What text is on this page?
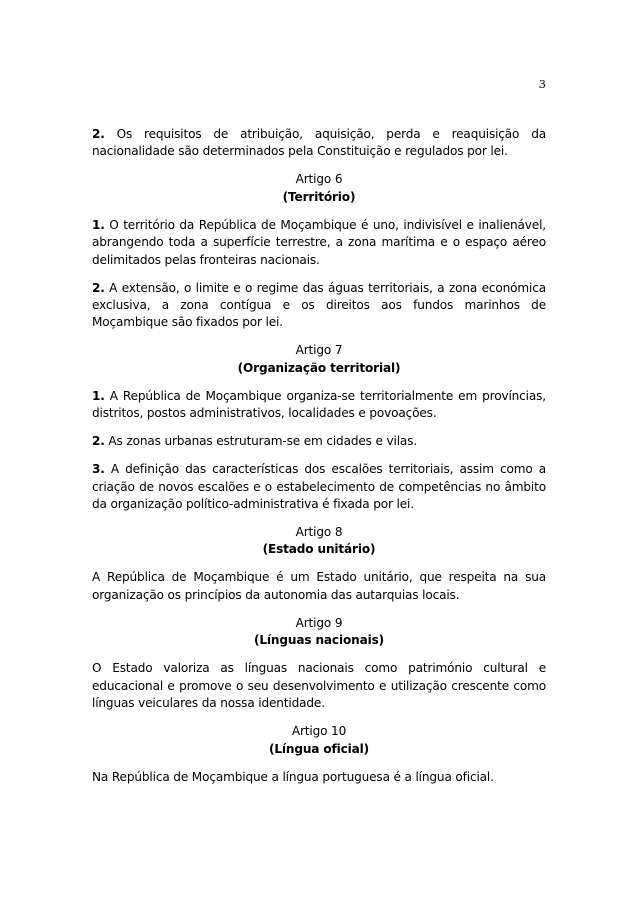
3

2. Os requisitos de atribuição, aquisição, perda e reaquisição da nacionalidade são determinados pela Constituição e regulados por lei.

Artigo 6

(Território)

1. O território da República de Moçambique é uno, indivisível e inalienável, abrangendo toda a superfície terrestre, a zona marítima e o espaço aéreo delimitados pelas fronteiras nacionais.

2. A extensão, o limite e o regime das águas territoriais, a zona económica exclusiva, a zona contígua e os direitos aos fundos marinhos de Moçambique são fixados por lei.

Artigo 7

(Organização territorial)

1. A República de Moçambique organiza-se territorialmente em províncias, distritos, postos administrativos, localidades e povoações.

2. As zonas urbanas estruturam-se em cidades e vilas.

3. A definição das características dos escalões territoriais, assim como a criação de novos escalões e o estabelecimento de competências no âmbito da organização político-administrativa é fixada por lei.

Artigo 8

(Estado unitário)

A República de Moçambique é um Estado unitário, que respeita na sua organização os princípios da autonomia das autarquias locais.

Artigo 9

(Línguas nacionais)

O Estado valoriza as línguas nacionais como património cultural e educacional e promove o seu desenvolvimento e utilização crescente como línguas veiculares da nossa identidade.

Artigo 10

(Língua oficial)

Na República de Moçambique a língua portuguesa é a língua oficial.
